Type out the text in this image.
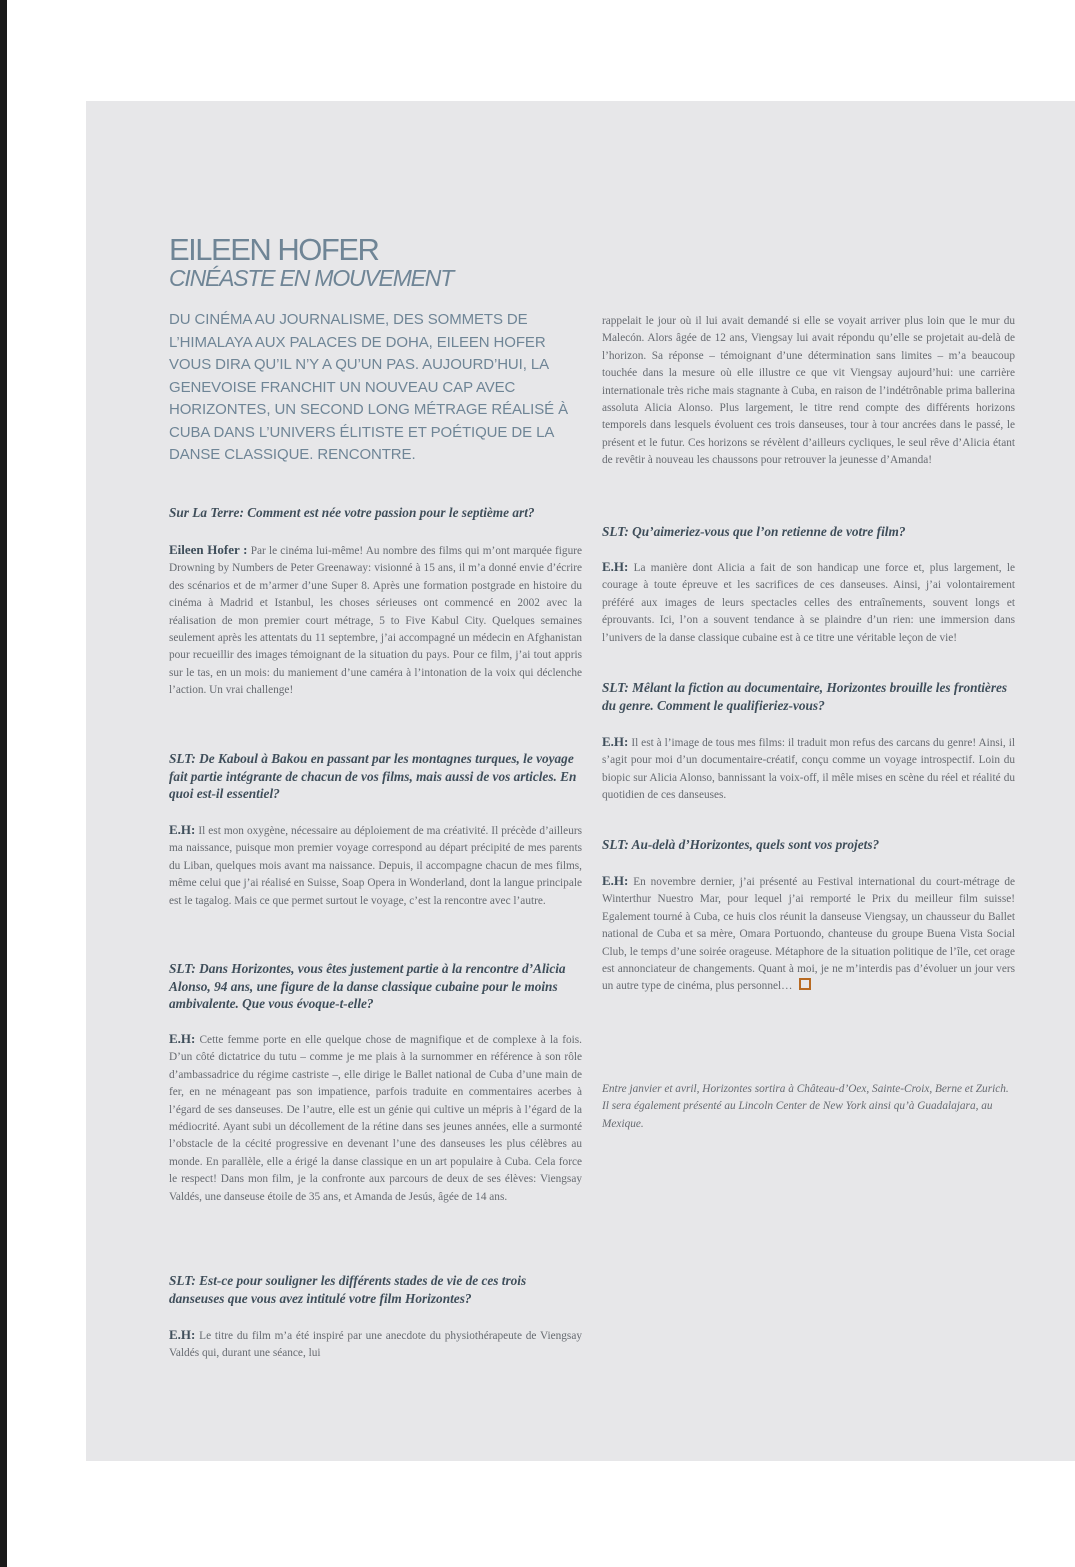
EILEEN HOFER
CINÉASTE EN MOUVEMENT
DU CINÉMA AU JOURNALISME, DES SOMMETS DE L’HIMALAYA AUX PALACES DE DOHA, EILEEN HOFER VOUS DIRA QU’IL N’Y A QU’UN PAS. AUJOURD’HUI, LA GENEVOISE FRANCHIT UN NOUVEAU CAP AVEC HORIZONTES, UN SECOND LONG MÉTRAGE RÉALISÉ À CUBA DANS L’UNIVERS ÉLITISTE ET POÉTIQUE DE LA DANSE CLASSIQUE. RENCONTRE.
Sur La Terre: Comment est née votre passion pour le septième art?
Eileen Hofer : Par le cinéma lui-même! Au nombre des films qui m’ont marquée figure Drowning by Numbers de Peter Greenaway: visionné à 15 ans, il m’a donné envie d’écrire des scénarios et de m’armer d’une Super 8. Après une formation postgrade en histoire du cinéma à Madrid et Istanbul, les choses sérieuses ont commencé en 2002 avec la réalisation de mon premier court métrage, 5 to Five Kabul City. Quelques semaines seulement après les attentats du 11 septembre, j’ai accompagné un médecin en Afghanistan pour recueillir des images témoignant de la situation du pays. Pour ce film, j’ai tout appris sur le tas, en un mois: du maniement d’une caméra à l’intonation de la voix qui déclenche l’action. Un vrai challenge!
SLT: De Kaboul à Bakou en passant par les montagnes turques, le voyage fait partie intégrante de chacun de vos films, mais aussi de vos articles. En quoi est-il essentiel?
E.H: Il est mon oxygène, nécessaire au déploiement de ma créativité. Il précède d’ailleurs ma naissance, puisque mon premier voyage correspond au départ précipité de mes parents du Liban, quelques mois avant ma naissance. Depuis, il accompagne chacun de mes films, même celui que j’ai réalisé en Suisse, Soap Opera in Wonderland, dont la langue principale est le tagalog. Mais ce que permet surtout le voyage, c’est la rencontre avec l’autre.
SLT: Dans Horizontes, vous êtes justement partie à la rencontre d’Alicia Alonso, 94 ans, une figure de la danse classique cubaine pour le moins ambivalente. Que vous évoque-t-elle?
E.H: Cette femme porte en elle quelque chose de magnifique et de complexe à la fois. D’un côté dictatrice du tutu – comme je me plais à la surnommer en référence à son rôle d’ambassadrice du régime castriste –, elle dirige le Ballet national de Cuba d’une main de fer, en ne ménageant pas son impatience, parfois traduite en commentaires acerbes à l’égard de ses danseuses. De l’autre, elle est un génie qui cultive un mépris à l’égard de la médiocrité. Ayant subi un décollement de la rétine dans ses jeunes années, elle a surmonté l’obstacle de la cécité progressive en devenant l’une des danseuses les plus célèbres au monde. En parallèle, elle a érigé la danse classique en un art populaire à Cuba. Cela force le respect! Dans mon film, je la confronte aux parcours de deux de ses élèves: Viengsay Valdés, une danseuse étoile de 35 ans, et Amanda de Jesús, âgée de 14 ans.
SLT: Est-ce pour souligner les différents stades de vie de ces trois danseuses que vous avez intitulé votre film Horizontes?
E.H: Le titre du film m’a été inspiré par une anecdote du physiothérapeute de Viengsay Valdés qui, durant une séance, lui
rappelait le jour où il lui avait demandé si elle se voyait arriver plus loin que le mur du Malecón. Alors âgée de 12 ans, Viengsay lui avait répondu qu’elle se projetait au-delà de l’horizon. Sa réponse – témoignant d’une détermination sans limites – m’a beaucoup touchée dans la mesure où elle illustre ce que vit Viengsay aujourd’hui: une carrière internationale très riche mais stagnante à Cuba, en raison de l’indétrônable prima ballerina assoluta Alicia Alonso. Plus largement, le titre rend compte des différents horizons temporels dans lesquels évoluent ces trois danseuses, tour à tour ancrées dans le passé, le présent et le futur. Ces horizons se révèlent d’ailleurs cycliques, le seul rêve d’Alicia étant de revêtir à nouveau les chaussons pour retrouver la jeunesse d’Amanda!
SLT: Qu’aimeriez-vous que l’on retienne de votre film?
E.H: La manière dont Alicia a fait de son handicap une force et, plus largement, le courage à toute épreuve et les sacrifices de ces danseuses. Ainsi, j’ai volontairement préféré aux images de leurs spectacles celles des entraînements, souvent longs et éprouvants. Ici, l’on a souvent tendance à se plaindre d’un rien: une immersion dans l’univers de la danse classique cubaine est à ce titre une véritable leçon de vie!
SLT: Mêlant la fiction au documentaire, Horizontes brouille les frontières du genre. Comment le qualifieriez-vous?
E.H: Il est à l’image de tous mes films: il traduit mon refus des carcans du genre! Ainsi, il s’agit pour moi d’un documentaire-créatif, conçu comme un voyage introspectif. Loin du biopic sur Alicia Alonso, bannissant la voix-off, il mêle mises en scène du réel et réalité du quotidien de ces danseuses.
SLT: Au-delà d’Horizontes, quels sont vos projets?
E.H: En novembre dernier, j’ai présenté au Festival international du court-métrage de Winterthur Nuestro Mar, pour lequel j’ai remporté le Prix du meilleur film suisse! Egalement tourné à Cuba, ce huis clos réunit la danseuse Viengsay, un chausseur du Ballet national de Cuba et sa mère, Omara Portuondo, chanteuse du groupe Buena Vista Social Club, le temps d’une soirée orageuse. Métaphore de la situation politique de l’île, cet orage est annonciateur de changements. Quant à moi, je ne m’interdis pas d’évoluer un jour vers un autre type de cinéma, plus personnel…
Entre janvier et avril, Horizontes sortira à Château-d’Oex, Sainte-Croix, Berne et Zurich. Il sera également présenté au Lincoln Center de New York ainsi qu’à Guadalajara, au Mexique.
